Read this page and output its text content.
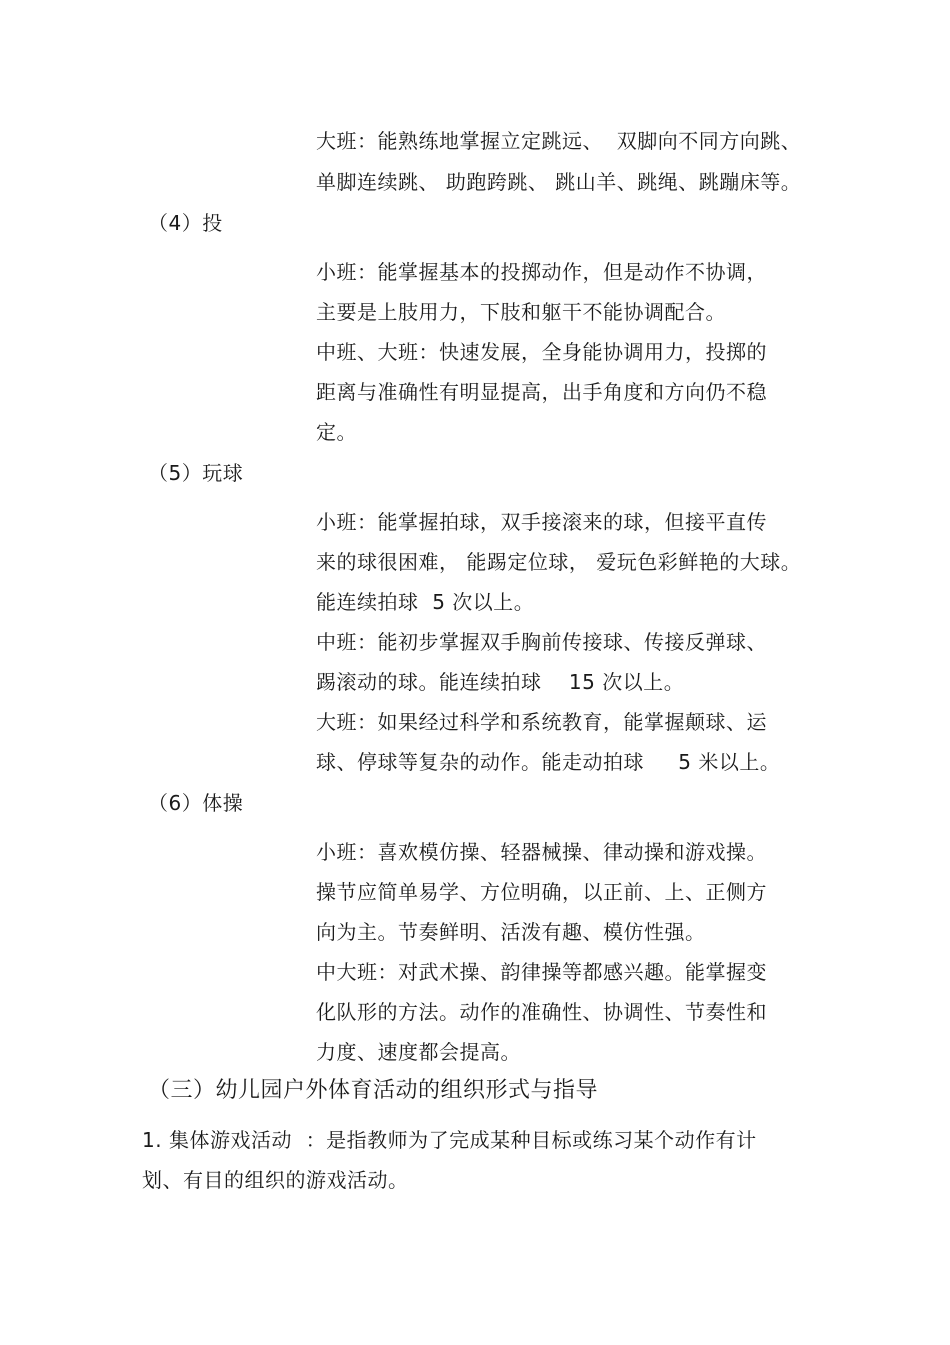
大班：能熟练地掌握立定跳远、  双脚向不同方向跳、
单脚连续跳、 助跑跨跳、 跳山羊、跳绳、跳蹦床等。
（4）投
小班：能掌握基本的投掷动作，但是动作不协调，
主要是上肢用力，下肢和躯干不能协调配合。
中班、大班：快速发展，全身能协调用力，投掷的
距离与准确性有明显提高，出手角度和方向仍不稳
定。
（5）玩球
小班：能掌握拍球，双手接滚来的球，但接平直传
来的球很困难， 能踢定位球， 爱玩色彩鲜艳的大球。
能连续拍球  5 次以上。
中班：能初步掌握双手胸前传接球、传接反弹球、
踢滚动的球。能连续拍球    15 次以上。
大班：如果经过科学和系统教育，能掌握颠球、运
球、停球等复杂的动作。能走动拍球     5 米以上。
（6）体操
小班：喜欢模仿操、轻器械操、律动操和游戏操。
操节应简单易学、方位明确，以正前、上、正侧方
向为主。节奏鲜明、活泼有趣、模仿性强。
中大班：对武术操、韵律操等都感兴趣。能掌握变
化队形的方法。动作的准确性、协调性、节奏性和
力度、速度都会提高。
（三）幼儿园户外体育活动的组织形式与指导
1. 集体游戏活动  ：是指教师为了完成某种目标或练习某个动作有计
划、有目的组织的游戏活动。
